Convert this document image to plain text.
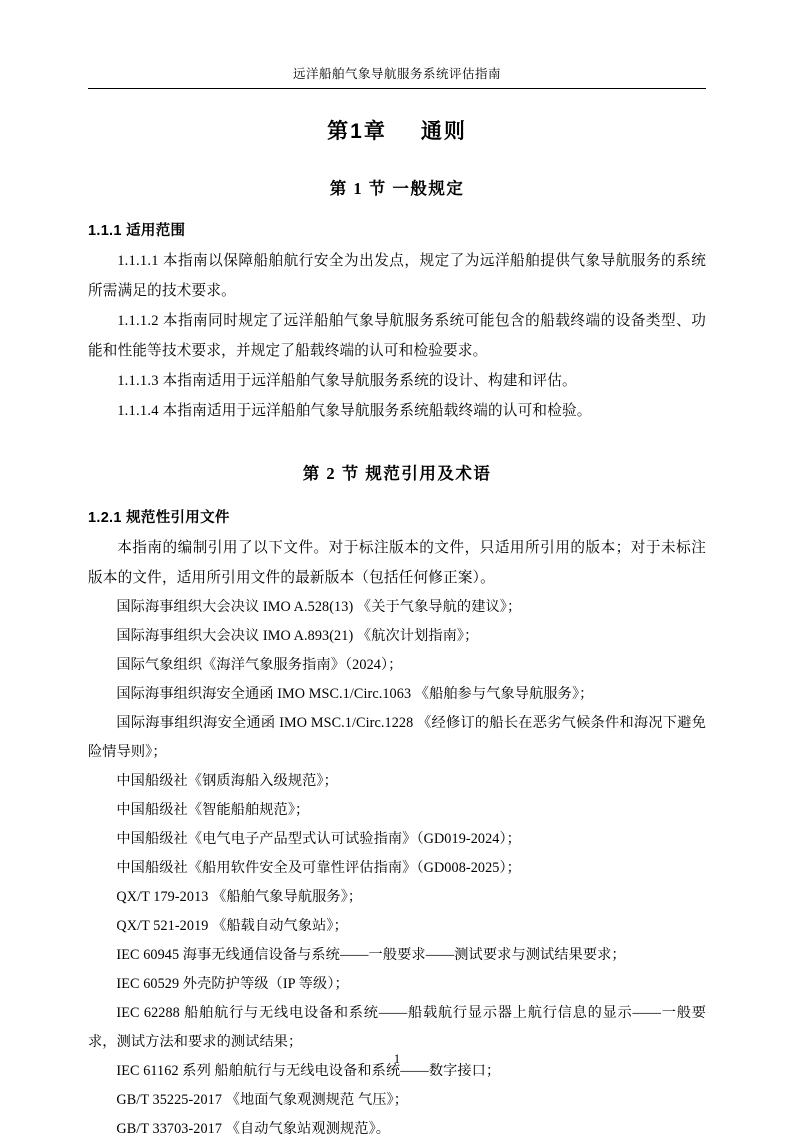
远洋船舶气象导航服务系统评估指南
第1章 通则
第 1 节 一般规定
1.1.1 适用范围

1.1.1.1 本指南以保障船舶航行安全为出发点，规定了为远洋船舶提供气象导航服务的系统所需满足的技术要求。

1.1.1.2 本指南同时规定了远洋船舶气象导航服务系统可能包含的船载终端的设备类型、功能和性能等技术要求，并规定了船载终端的认可和检验要求。

1.1.1.3 本指南适用于远洋船舶气象导航服务系统的设计、构建和评估。

1.1.1.4 本指南适用于远洋船舶气象导航服务系统船载终端的认可和检验。

第 2 节 规范引用及术语
1.2.1 规范性引用文件

本指南的编制引用了以下文件。对于标注版本的文件，只适用所引用的版本；对于未标注版本的文件，适用所引用文件的最新版本（包括任何修正案）。

国际海事组织大会决议 IMO A.528(13) 《关于气象导航的建议》；

国际海事组织大会决议 IMO A.893(21) 《航次计划指南》；

国际气象组织《海洋气象服务指南》（2024）；

国际海事组织海安全通函 IMO MSC.1/Circ.1063 《船舶参与气象导航服务》；

国际海事组织海安全通函 IMO MSC.1/Circ.1228 《经修订的船长在恶劣气候条件和海况下避免险情导则》；

中国船级社《钢质海船入级规范》；

中国船级社《智能船舶规范》；

中国船级社《电气电子产品型式认可试验指南》（GD019-2024）；

中国船级社《船用软件安全及可靠性评估指南》（GD008-2025）；

QX/T 179-2013 《船舶气象导航服务》；

QX/T 521-2019 《船载自动气象站》；

IEC 60945 海事无线通信设备与系统——一般要求——测试要求与测试结果要求；

IEC 60529 外壳防护等级（IP 等级）；

IEC 62288 船舶航行与无线电设备和系统——船载航行显示器上航行信息的显示——一般要求，测试方法和要求的测试结果；

IEC 61162 系列 船舶航行与无线电设备和系统——数字接口；

GB/T 35225-2017 《地面气象观测规范 气压》；

GB/T 33703-2017 《自动气象站观测规范》。

1
